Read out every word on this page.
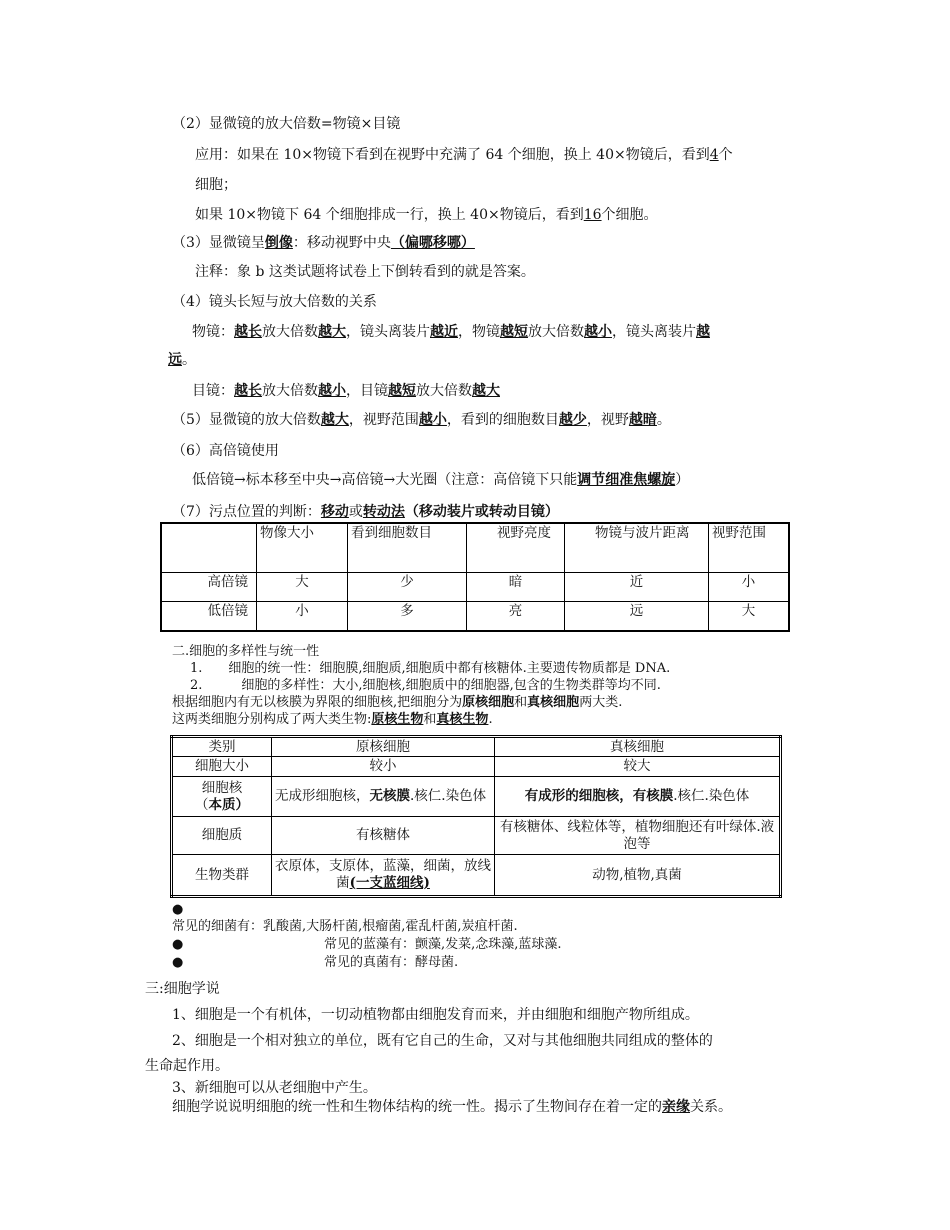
（2）显微镜的放大倍数=物镜×目镜
应用：如果在 10×物镜下看到在视野中充满了 64 个细胞，换上 40×物镜后，看到4个
细胞；
如果 10×物镜下 64 个细胞排成一行，换上 40×物镜后，看到16个细胞。
（3）显微镜呈倒像：移动视野中央（偏哪移哪）
注释：象 b 这类试题将试卷上下倒转看到的就是答案。
（4）镜头长短与放大倍数的关系
物镜：越长放大倍数越大，镜头离装片越近，物镜越短放大倍数越小，镜头离装片越
远。
目镜：越长放大倍数越小，目镜越短放大倍数越大
（5）显微镜的放大倍数越大，视野范围越小，看到的细胞数目越少，视野越暗。
（6）高倍镜使用
低倍镜→标本移至中央→高倍镜→大光圈（注意：高倍镜下只能调节细准焦螺旋）
（7）污点位置的判断：移动或转动法（移动装片或转动目镜）
	物像大小	看到细胞数目	视野亮度	物镜与波片距离	视野范围
高倍镜	大	少	暗	近	小
低倍镜	小	多	亮	远	大
二.细胞的多样性与统一性
1.　　细胞的统一性：细胞膜,细胞质,细胞质中都有核糖体.主要遗传物质都是 DNA.
2.　　　细胞的多样性：大小,细胞核,细胞质中的细胞器,包含的生物类群等均不同.
根据细胞内有无以核膜为界限的细胞核,把细胞分为原核细胞和真核细胞两大类.
这两类细胞分别构成了两大类生物:原核生物和真核生物.
类别	原核细胞	真核细胞
细胞大小	较小	较大
细胞核（本质）	无成形细胞核，无核膜.核仁.染色体	有成形的细胞核，有核膜.核仁.染色体
细胞质	有核糖体	有核糖体、线粒体等，植物细胞还有叶绿体.液泡等
生物类群	衣原体，支原体，蓝藻，细菌，放线菌(一支蓝细线)	动物,植物,真菌
●
常见的细菌有：乳酸菌,大肠杆菌,根瘤菌,霍乱杆菌,炭疽杆菌.
●	常见的蓝藻有：颤藻,发菜,念珠藻,蓝球藻.
●	常见的真菌有：酵母菌.
三:细胞学说
1、细胞是一个有机体，一切动植物都由细胞发育而来，并由细胞和细胞产物所组成。
2、细胞是一个相对独立的单位，既有它自己的生命，又对与其他细胞共同组成的整体的
生命起作用。
3、新细胞可以从老细胞中产生。
细胞学说说明细胞的统一性和生物体结构的统一性。揭示了生物间存在着一定的亲缘关系。
